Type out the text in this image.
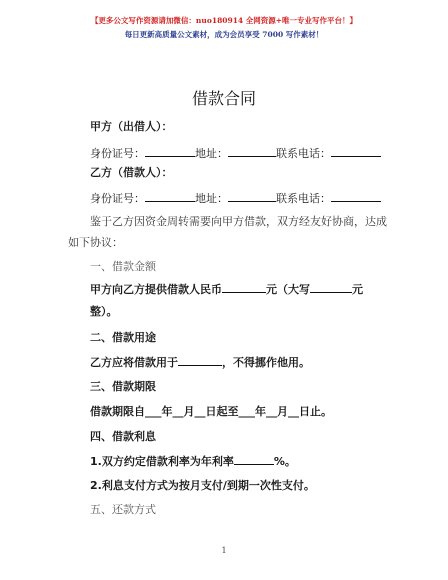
【更多公文写作资源请加微信：nuo180914 全网资源+唯一专业写作平台！】
每日更新高质量公文素材，成为会员享受 7000 写作素材！
借款合同
甲方（出借人）：
身份证号：	地址：	联系电话：
乙方（借款人）：
身份证号：	地址：	联系电话：
鉴于乙方因资金周转需要向甲方借款，双方经友好协商，达成如下协议：
一、借款金额
甲方向乙方提供借款人民币	元（大写	元
整）。
二、借款用途
乙方应将借款用于	，不得挪作他用。
三、借款期限
借款期限自___年__月__日起至___年__月__日止。
四、借款利息
1.双方约定借款利率为年利率	%。
2.利息支付方式为按月支付/到期一次性支付。
五、还款方式
1
